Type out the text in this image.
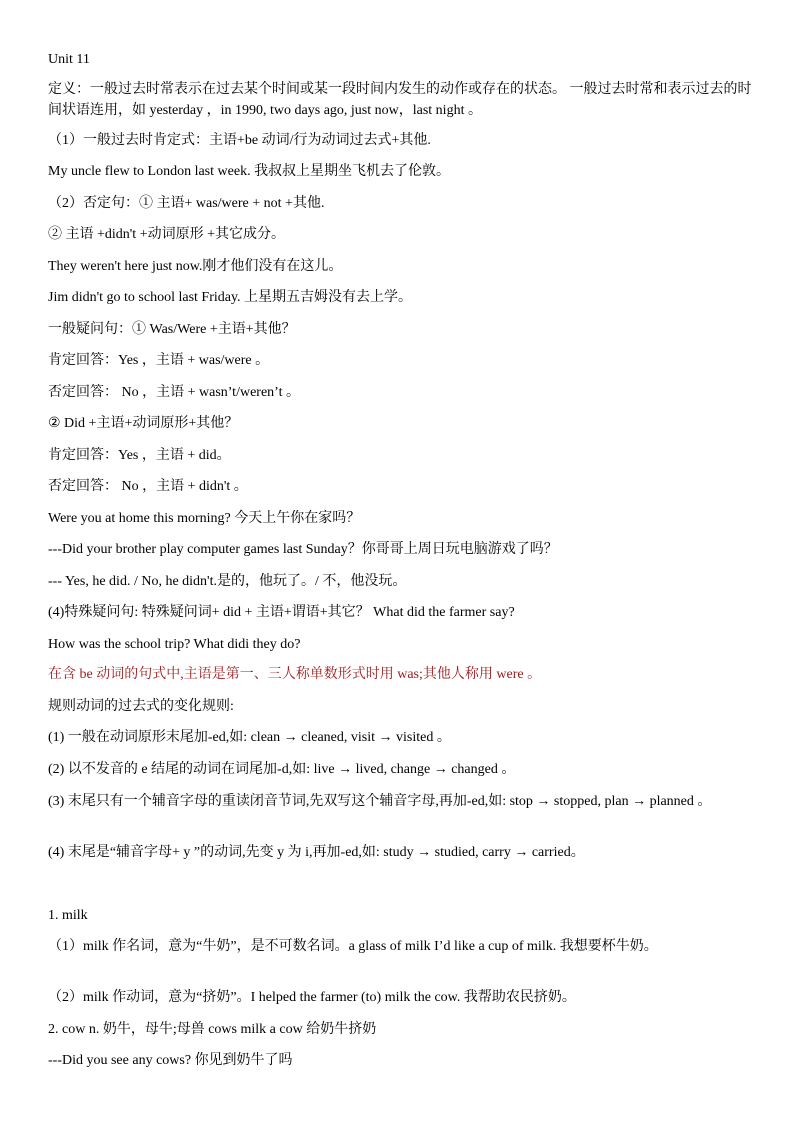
Unit 11
定义：一般过去时常表示在过去某个时间或某一段时间内发生的动作或存在的状态。 一般过去时常和表示过去的时间状语连用，如 yesterday ，in 1990, two days ago, just now，last night 。
（1）一般过去时肯定式：主语+be 动词/行为动词过去式+其他.
My uncle flew to London last week. 我叔叔上星期坐飞机去了伦敦。
（2）否定句：① 主语+ was/were + not +其他.
② 主语 +didn't +动词原形 +其它成分。
They weren't here just now.刚才他们没有在这儿。
Jim didn't go to school last Friday. 上星期五吉姆没有去上学。
一般疑问句：① Was/Were +主语+其他？
肯定回答：Yes ，主语 + was/were 。
否定回答： No ，主语 + wasn’t/weren’t 。
② Did +主语+动词原形+其他？
肯定回答：Yes ，主语 + did。
否定回答： No ，主语 + didn't 。
Were you at home this morning? 今天上午你在家吗？
---Did your brother play computer games last Sunday？你哥哥上周日玩电脑游戏了吗？
--- Yes, he did. / No, he didn't.是的，他玩了。/ 不，他没玩。
(4)特殊疑问句: 特殊疑问词+ did + 主语+谓语+其它？ What did the farmer say?
How was the school trip? What didi they do?
在含 be 动词的句式中,主语是第一、三人称单数形式时用 was;其他人称用 were 。
规则动词的过去式的变化规则:
(1) 一般在动词原形末尾加-ed,如: clean → cleaned, visit → visited 。
(2) 以不发音的 e 结尾的动词在词尾加-d,如: live → lived, change → changed 。
(3) 末尾只有一个辅音字母的重读闭音节词,先双写这个辅音字母,再加-ed,如: stop → stopped, plan → planned 。
(4) 末尾是“辅音字母+ y ”的动词,先变 y 为 i,再加-ed,如: study → studied, carry → carried。
1. milk
（1）milk 作名词，意为“牛奶”，是不可数名词。a glass of milk I’d like a cup of milk. 我想要杯牛奶。
（2）milk 作动词，意为“挤奶”。I helped the farmer (to) milk the cow. 我帮助农民挤奶。
2. cow n. 奶牛，母牛;母兽 cows milk a cow 给奶牛挤奶
---Did you see any cows? 你见到奶牛了吗
